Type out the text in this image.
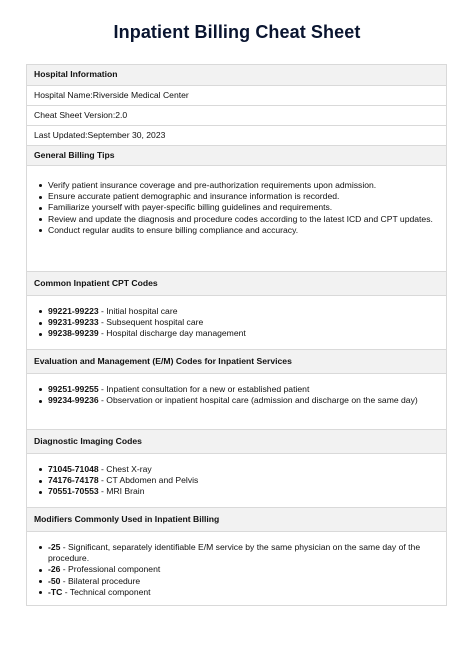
Inpatient Billing Cheat Sheet
Hospital Information
Hospital Name: Riverside Medical Center
Cheat Sheet Version: 2.0
Last Updated: September 30, 2023
General Billing Tips
Verify patient insurance coverage and pre-authorization requirements upon admission.
Ensure accurate patient demographic and insurance information is recorded.
Familiarize yourself with payer-specific billing guidelines and requirements.
Review and update the diagnosis and procedure codes according to the latest ICD and CPT updates.
Conduct regular audits to ensure billing compliance and accuracy.
Common Inpatient CPT Codes
99221-99223 - Initial hospital care
99231-99233 - Subsequent hospital care
99238-99239 - Hospital discharge day management
Evaluation and Management (E/M) Codes for Inpatient Services
99251-99255 - Inpatient consultation for a new or established patient
99234-99236 - Observation or inpatient hospital care (admission and discharge on the same day)
Diagnostic Imaging Codes
71045-71048 - Chest X-ray
74176-74178 - CT Abdomen and Pelvis
70551-70553 - MRI Brain
Modifiers Commonly Used in Inpatient Billing
-25 - Significant, separately identifiable E/M service by the same physician on the same day of the procedure.
-26 - Professional component
-50 - Bilateral procedure
-TC - Technical component
